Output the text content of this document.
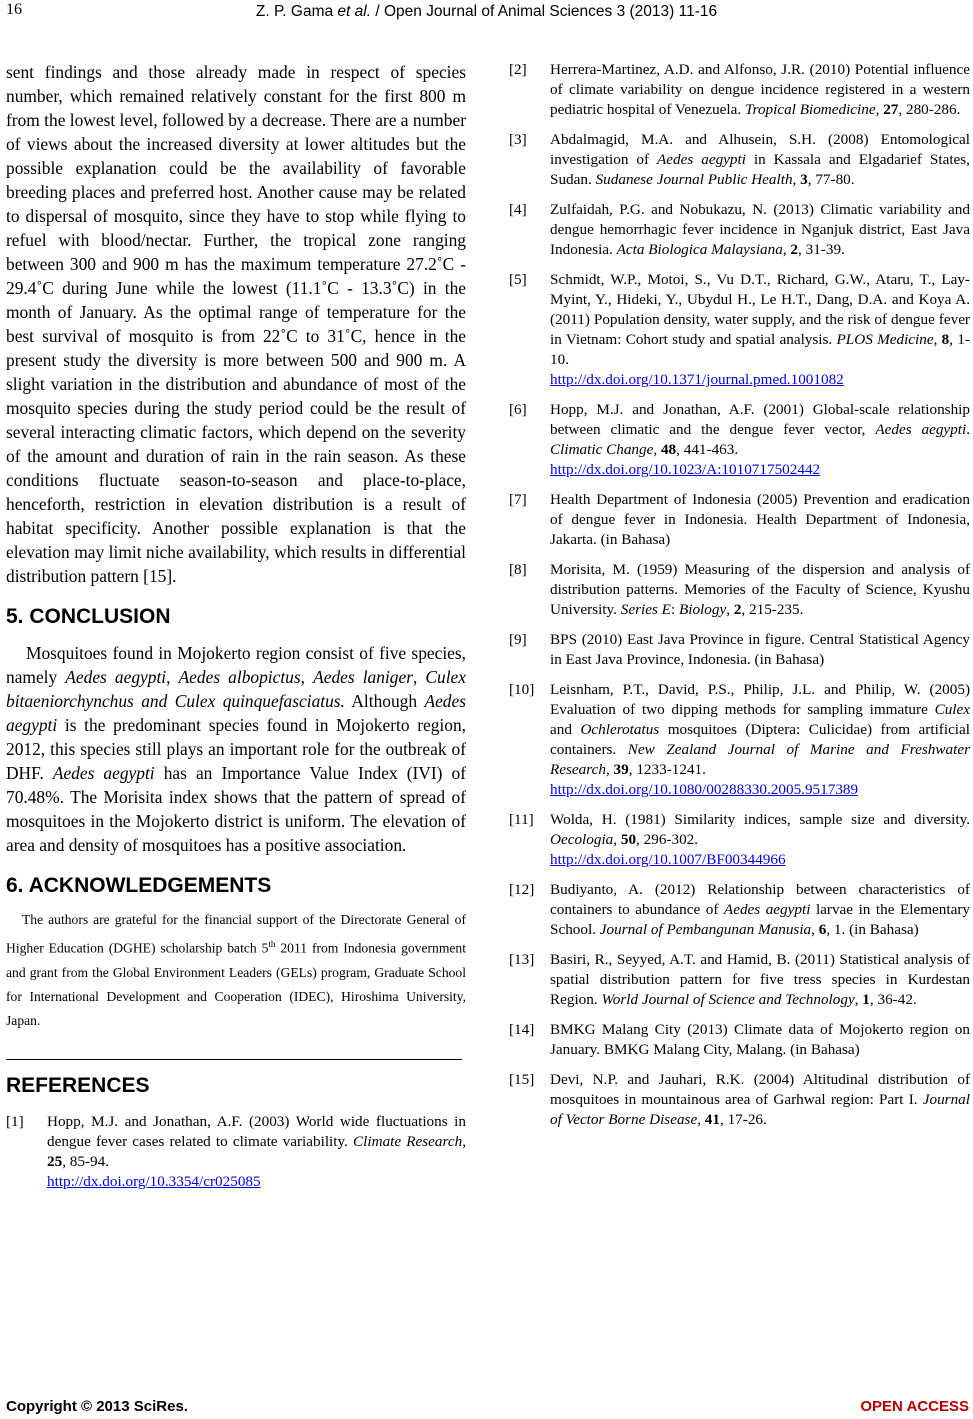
16	Z. P. Gama et al. / Open Journal of Animal Sciences 3 (2013) 11-16

sent findings and those already made in respect of species number, which remained relatively constant for the first 800 m from the lowest level, followed by a decrease. There are a number of views about the increased diversity at lower altitudes but the possible explanation could be the availability of favorable breeding places and preferred host. Another cause may be related to dispersal of mosquito, since they have to stop while flying to refuel with blood/nectar. Further, the tropical zone ranging between 300 and 900 m has the maximum temperature 27.2˚C - 29.4˚C during June while the lowest (11.1˚C - 13.3˚C) in the month of January. As the optimal range of temperature for the best survival of mosquito is from 22˚C to 31˚C, hence in the present study the diversity is more between 500 and 900 m. A slight variation in the distribution and abundance of most of the mosquito species during the study period could be the result of several interacting climatic factors, which depend on the severity of the amount and duration of rain in the rain season. As these conditions fluctuate season-to-season and place-to-place, henceforth, restriction in elevation distribution is a result of habitat specificity. Another possible explanation is that the elevation may limit niche availability, which results in differential distribution pattern [15].

5. CONCLUSION

Mosquitoes found in Mojokerto region consist of five species, namely Aedes aegypti, Aedes albopictus, Aedes laniger, Culex bitaeniorchynchus and Culex quinquefasciatus. Although Aedes aegypti is the predominant species found in Mojokerto region, 2012, this species still plays an important role for the outbreak of DHF. Aedes aegypti has an Importance Value Index (IVI) of 70.48%. The Morisita index shows that the pattern of spread of mosquitoes in the Mojokerto district is uniform. The elevation of area and density of mosquitoes has a positive association.

6. ACKNOWLEDGEMENTS

The authors are grateful for the financial support of the Directorate General of Higher Education (DGHE) scholarship batch 5th 2011 from Indonesia government and grant from the Global Environment Leaders (GELs) program, Graduate School for International Development and Cooperation (IDEC), Hiroshima University, Japan.

REFERENCES
[1]	Hopp, M.J. and Jonathan, A.F. (2003) World wide fluctuations in dengue fever cases related to climate variability. Climate Research, 25, 85-94.
http://dx.doi.org/10.3354/cr025085
[2]	Herrera-Martinez, A.D. and Alfonso, J.R. (2010) Potential influence of climate variability on dengue incidence registered in a western pediatric hospital of Venezuela. Tropical Biomedicine, 27, 280-286.
[3]	Abdalmagid, M.A. and Alhusein, S.H. (2008) Entomological investigation of Aedes aegypti in Kassala and Elgadarief States, Sudan. Sudanese Journal Public Health, 3, 77-80.
[4]	Zulfaidah, P.G. and Nobukazu, N. (2013) Climatic variability and dengue hemorrhagic fever incidence in Nganjuk district, East Java Indonesia. Acta Biologica Malaysiana, 2, 31-39.
[5]	Schmidt, W.P., Motoi, S., Vu D.T., Richard, G.W., Ataru, T., Lay-Myint, Y., Hideki, Y., Ubydul H., Le H.T., Dang, D.A. and Koya A. (2011) Population density, water supply, and the risk of dengue fever in Vietnam: Cohort study and spatial analysis. PLOS Medicine, 8, 1-10.
http://dx.doi.org/10.1371/journal.pmed.1001082
[6]	Hopp, M.J. and Jonathan, A.F. (2001) Global-scale relationship between climatic and the dengue fever vector, Aedes aegypti. Climatic Change, 48, 441-463.
http://dx.doi.org/10.1023/A:1010717502442
[7]	Health Department of Indonesia (2005) Prevention and eradication of dengue fever in Indonesia. Health Department of Indonesia, Jakarta. (in Bahasa)
[8]	Morisita, M. (1959) Measuring of the dispersion and analysis of distribution patterns. Memories of the Faculty of Science, Kyushu University. Series E: Biology, 2, 215-235.
[9]	BPS (2010) East Java Province in figure. Central Statistical Agency in East Java Province, Indonesia. (in Bahasa)
[10]	Leisnham, P.T., David, P.S., Philip, J.L. and Philip, W. (2005) Evaluation of two dipping methods for sampling immature Culex and Ochlerotatus mosquitoes (Diptera: Culicidae) from artificial containers. New Zealand Journal of Marine and Freshwater Research, 39, 1233-1241.
http://dx.doi.org/10.1080/00288330.2005.9517389
[11]	Wolda, H. (1981) Similarity indices, sample size and diversity. Oecologia, 50, 296-302.
http://dx.doi.org/10.1007/BF00344966
[12]	Budiyanto, A. (2012) Relationship between characteristics of containers to abundance of Aedes aegypti larvae in the Elementary School. Journal of Pembangunan Manusia, 6, 1. (in Bahasa)
[13]	Basiri, R., Seyyed, A.T. and Hamid, B. (2011) Statistical analysis of spatial distribution pattern for five tress species in Kurdestan Region. World Journal of Science and Technology, 1, 36-42.
[14]	BMKG Malang City (2013) Climate data of Mojokerto region on January. BMKG Malang City, Malang. (in Bahasa)
[15]	Devi, N.P. and Jauhari, R.K. (2004) Altitudinal distribution of mosquitoes in mountainous area of Garhwal region: Part I. Journal of Vector Borne Disease, 41, 17-26.
Copyright © 2013 SciRes.	OPEN ACCESS
